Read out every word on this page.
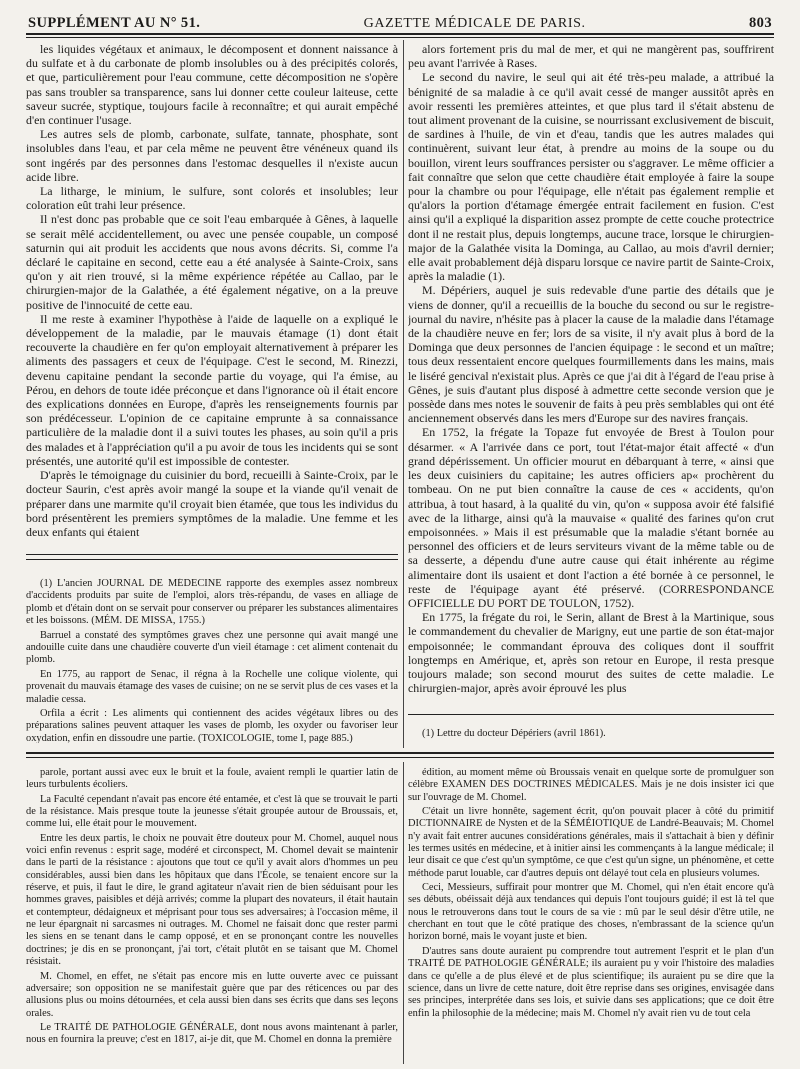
SUPPLÉMENT AU N° 51.	GAZETTE MÉDICALE DE PARIS.	803

les liquides végétaux et animaux, le décomposent et donnent naissance à du sulfate et à du carbonate de plomb insolubles ou à des précipités colorés, et que, particulièrement pour l'eau commune, cette décomposition ne s'opère pas sans troubler sa transparence, sans lui donner cette couleur laiteuse, cette saveur sucrée, styptique, toujours facile à reconnaître; et qui aurait empêché d'en continuer l'usage.

Les autres sels de plomb, carbonate, sulfate, tannate, phosphate, sont insolubles dans l'eau, et par cela même ne peuvent être vénéneux quand ils sont ingérés par des personnes dans l'estomac desquelles il n'existe aucun acide libre.

La litharge, le minium, le sulfure, sont colorés et insolubles; leur coloration eût trahi leur présence.

Il n'est donc pas probable que ce soit l'eau embarquée à Gênes, à laquelle se serait mêlé accidentellement, ou avec une pensée coupable, un composé saturnin qui ait produit les accidents que nous avons décrits. Si, comme l'a déclaré le capitaine en second, cette eau a été analysée à Sainte-Croix, sans qu'on y ait rien trouvé, si la même expérience répétée au Callao, par le chirurgien-major de la Galathée, a été également négative, on a la preuve positive de l'innocuité de cette eau.

Il me reste à examiner l'hypothèse à l'aide de laquelle on a expliqué le développement de la maladie, par le mauvais étamage (1) dont était recouverte la chaudière en fer qu'on employait alternativement à préparer les aliments des passagers et ceux de l'équipage. C'est le second, M. Rinezzi, devenu capitaine pendant la seconde partie du voyage, qui l'a émise, au Pérou, en dehors de toute idée préconçue et dans l'ignorance où il était encore des explications données en Europe, d'après les renseignements fournis par son prédécesseur. L'opinion de ce capitaine emprunte à sa connaissance particulière de la maladie dont il a suivi toutes les phases, au soin qu'il a pris des malades et à l'appréciation qu'il a pu avoir de tous les incidents qui se sont présentés, une autorité qu'il est impossible de contester.

D'après le témoignage du cuisinier du bord, recueilli à Sainte-Croix, par le docteur Saurin, c'est après avoir mangé la soupe et la viande qu'il venait de préparer dans une marmite qu'il croyait bien étamée, que tous les individus du bord présentèrent les premiers symptômes de la maladie. Une femme et les deux enfants qui étaient

alors fortement pris du mal de mer, et qui ne mangèrent pas, souffrirent peu avant l'arrivée à Rases.

Le second du navire, le seul qui ait été très-peu malade, a attribué la bénignité de sa maladie à ce qu'il avait cessé de manger aussitôt après en avoir ressenti les premières atteintes, et que plus tard il s'était abstenu de tout aliment provenant de la cuisine, se nourrissant exclusivement de biscuit, de sardines à l'huile, de vin et d'eau, tandis que les autres malades qui continuèrent, suivant leur état, à prendre au moins de la soupe ou du bouillon, virent leurs souffrances persister ou s'aggraver. Le même officier a fait connaître que selon que cette chaudière était employée à faire la soupe pour la chambre ou pour l'équipage, elle n'était pas également remplie et qu'alors la portion d'étamage émergée entrait facilement en fusion. C'est ainsi qu'il a expliqué la disparition assez prompte de cette couche protectrice dont il ne restait plus, depuis longtemps, aucune trace, lorsque le chirurgien-major de la Galathée visita la Dominga, au Callao, au mois d'avril dernier; elle avait probablement déjà disparu lorsque ce navire partit de Sainte-Croix, après la maladie (1).

M. Dépériers, auquel je suis redevable d'une partie des détails que je viens de donner, qu'il a recueillis de la bouche du second ou sur le registre-journal du navire, n'hésite pas à placer la cause de la maladie dans l'étamage de la chaudière neuve en fer; lors de sa visite, il n'y avait plus à bord de la Dominga que deux personnes de l'ancien équipage : le second et un maître; tous deux ressentaient encore quelques fourmillements dans les mains, mais le liséré gencival n'existait plus. Après ce que j'ai dit à l'égard de l'eau prise à Gênes, je suis d'autant plus disposé à admettre cette seconde version que je possède dans mes notes le souvenir de faits à peu près semblables qui ont été anciennement observés dans les mers d'Europe sur des navires français.

En 1752, la frégate la Topaze fut envoyée de Brest à Toulon pour désarmer. « A l'arrivée dans ce port, tout l'état-major était affecté « d'un grand dépérissement. Un officier mourut en débarquant à terre, « ainsi que les deux cuisiniers du capitaine; les autres officiers ap« prochèrent du tombeau. On ne put bien connaître la cause de ces « accidents, qu'on attribua, à tout hasard, à la qualité du vin, qu'on « supposa avoir été falsifié avec de la litharge, ainsi qu'à la mauvaise « qualité des farines qu'on crut empoisonnées. » Mais il est présumable que la maladie s'étant bornée au personnel des officiers et de leurs serviteurs vivant de la même table ou de sa desserte, a dépendu d'une autre cause qui était inhérente au régime alimentaire dont ils usaient et dont l'action a été bornée à ce personnel, le reste de l'équipage ayant été préservé. (CORRESPONDANCE OFFICIELLE DU PORT DE TOULON, 1752).

En 1775, la frégate du roi, le Serin, allant de Brest à la Martinique, sous le commandement du chevalier de Marigny, eut une partie de son état-major empoisonnée; le commandant éprouva des coliques dont il souffrit longtemps en Amérique, et, après son retour en Europe, il resta presque toujours malade; son second mourut des suites de cette maladie. Le chirurgien-major, après avoir éprouvé les plus

(1) L'ancien JOURNAL DE MÉDECINE rapporte des exemples assez nombreux d'accidents produits par suite de l'emploi, alors très-répandu, de vases en alliage de plomb et d'étain dont on se servait pour conserver ou préparer les substances alimentaires et les boissons. (MÉM. DE MISSA, 1755.)

Barruel a constaté des symptômes graves chez une personne qui avait mangé une andouille cuite dans une chaudière couverte d'un vieil étamage : cet aliment contenait du plomb.

En 1775, au rapport de Senac, il régna à la Rochelle une colique violente, qui provenait du mauvais étamage des vases de cuisine; on ne se servit plus de ces vases et la maladie cessa.

Orfila a écrit : Les aliments qui contiennent des acides végétaux libres ou des préparations salines peuvent attaquer les vases de plomb, les oxyder ou favoriser leur oxydation, enfin en dissoudre une partie. (TOXICOLOGIE, tome I, page 885.)	(1) Lettre du docteur Dépériers (avril 1861).

parole, portant aussi avec eux le bruit et la foule, avaient rempli le quartier latin de leurs turbulents écoliers.

La Faculté cependant n'avait pas encore été entamée, et c'est là que se trouvait le parti de la résistance. Mais presque toute la jeunesse s'était groupée autour de Broussais, et, comme lui, elle était pour le mouvement.

Entre les deux partis, le choix ne pouvait être douteux pour M. Chomel, auquel nous voici enfin revenus : esprit sage, modéré et circonspect, M. Chomel devait se maintenir dans le parti de la résistance : ajoutons que tout ce qu'il y avait alors d'hommes un peu considérables, aussi bien dans les hôpitaux que dans l'École, se tenaient encore sur la réserve, et puis, il faut le dire, le grand agitateur n'avait rien de bien séduisant pour les hommes graves, paisibles et déjà arrivés; comme la plupart des novateurs, il était hautain et contempteur, dédaigneux et méprisant pour tous ses adversaires; à l'occasion même, il ne leur épargnait ni sarcasmes ni outrages. M. Chomel ne faisait donc que rester parmi les siens en se tenant dans le camp opposé, et en se prononçant contre les nouvelles doctrines; je dis en se prononçant, j'ai tort, c'était plutôt en se taisant que M. Chomel résistait.

M. Chomel, en effet, ne s'était pas encore mis en lutte ouverte avec ce puissant adversaire; son opposition ne se manifestait guère que par des réticences ou par des allusions plus ou moins détournées, et cela aussi bien dans ses écrits que dans ses leçons orales.

Le TRAITÉ DE PATHOLOGIE GÉNÉRALE, dont nous avons maintenant à parler, nous en fournira la preuve; c'est en 1817, ai-je dit, que M. Chomel en donna la première

édition, au moment même où Broussais venait en quelque sorte de promulguer son célèbre EXAMEN DES DOCTRINES MÉDICALES. Mais je ne dois insister ici que sur l'ouvrage de M. Chomel.

C'était un livre honnête, sagement écrit, qu'on pouvait placer à côté du primitif DICTIONNAIRE de Nysten et de la SÉMÉIOTIQUE de Landré-Beauvais; M. Chomel n'y avait fait entrer aucunes considérations générales, mais il s'attachait à bien y définir les termes usités en médecine, et à initier ainsi les commençants à la langue médicale; il leur disait ce que c'est qu'un symptôme, ce que c'est qu'un signe, un phénomène, et cette méthode parut louable, car d'autres depuis ont délayé tout cela en plusieurs volumes.

Ceci, Messieurs, suffirait pour montrer que M. Chomel, qui n'en était encore qu'à ses débuts, obéissait déjà aux tendances qui depuis l'ont toujours guidé; il est là tel que nous le retrouverons dans tout le cours de sa vie : mû par le seul désir d'être utile, ne cherchant en tout que le côté pratique des choses, n'embrassant de la science qu'un horizon borné, mais le voyant juste et bien.

D'autres sans doute auraient pu comprendre tout autrement l'esprit et le plan d'un TRAITÉ DE PATHOLOGIE GÉNÉRALE; ils auraient pu y voir l'histoire des maladies dans ce qu'elle a de plus élevé et de plus scientifique; ils auraient pu se dire que la science, dans un livre de cette nature, doit être reprise dans ses origines, envisagée dans ses principes, interprétée dans ses lois, et suivie dans ses applications; que ce doit être enfin la philosophie de la médecine; mais M. Chomel n'y avait rien vu de tout cela
